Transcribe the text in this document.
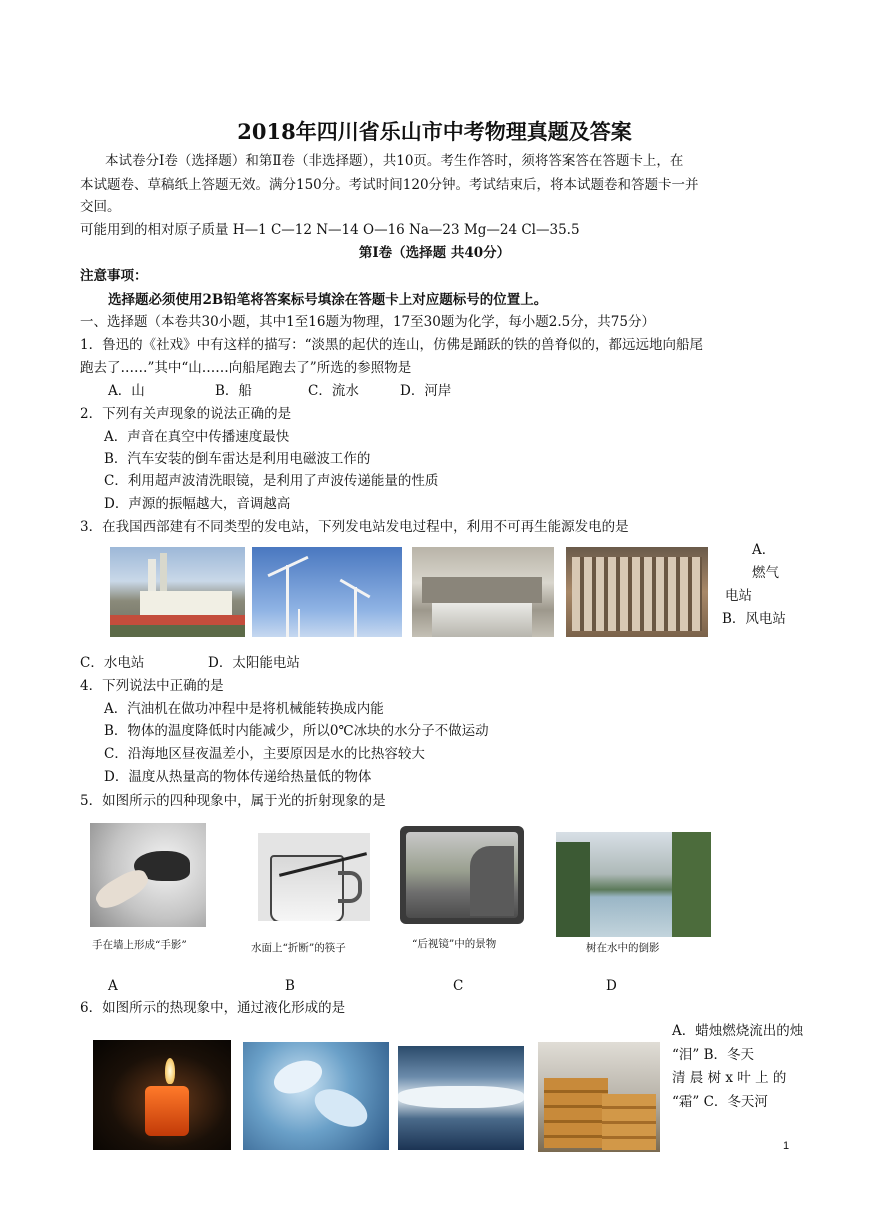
2018年四川省乐山市中考物理真题及答案
本试卷分Ⅰ卷（选择题）和第Ⅱ卷（非选择题），共10页。考生作答时，须将答案答在答题卡上，在
本试题卷、草稿纸上答题无效。满分150分。考试时间120分钟。考试结束后，将本试题卷和答题卡一并
交回。
可能用到的相对原子质量 H—1 C—12 N—14 O—16 Na—23 Mg—24 Cl—35.5
第Ⅰ卷（选择题 共40分）
注意事项：
选择题必须使用2B铅笔将答案标号填涂在答题卡上对应题标号的位置上。
一、选择题（本卷共30小题，其中1至16题为物理，17至30题为化学，每小题2.5分，共75分）
1．鲁迅的《社戏》中有这样的描写：“淡黑的起伏的连山，仿佛是踊跃的铁的兽脊似的，都远远地向船尾
跑去了……”其中“山……向船尾跑去了”所选的参照物是
A．山	B．船	C．流水	D．河岸
2．下列有关声现象的说法正确的是
A．声音在真空中传播速度最快
B．汽车安装的倒车雷达是利用电磁波工作的
C．利用超声波清洗眼镜，是利用了声波传递能量的性质
D．声源的振幅越大，音调越高
3．在我国西部建有不同类型的发电站，下列发电站发电过程中，利用不可再生能源发电的是
A．
燃气
电站
B．风电站
C．水电站	D．太阳能电站
4．下列说法中正确的是
A．汽油机在做功冲程中是将机械能转换成内能
B．物体的温度降低时内能减少，所以0℃冰块的水分子不做运动
C．沿海地区昼夜温差小，主要原因是水的比热容较大
D．温度从热量高的物体传递给热量低的物体
5．如图所示的四种现象中，属于光的折射现象的是
手在墙上形成“手影”	水面上“折断”的筷子	“后视镜”中的景物	树在水中的倒影
A	B	C	D
6．如图所示的热现象中，通过液化形成的是
A．蜡烛燃烧流出的烛
“泪” B．冬天
清 晨 树 x 叶 上 的
“霜” C．冬天河
1
